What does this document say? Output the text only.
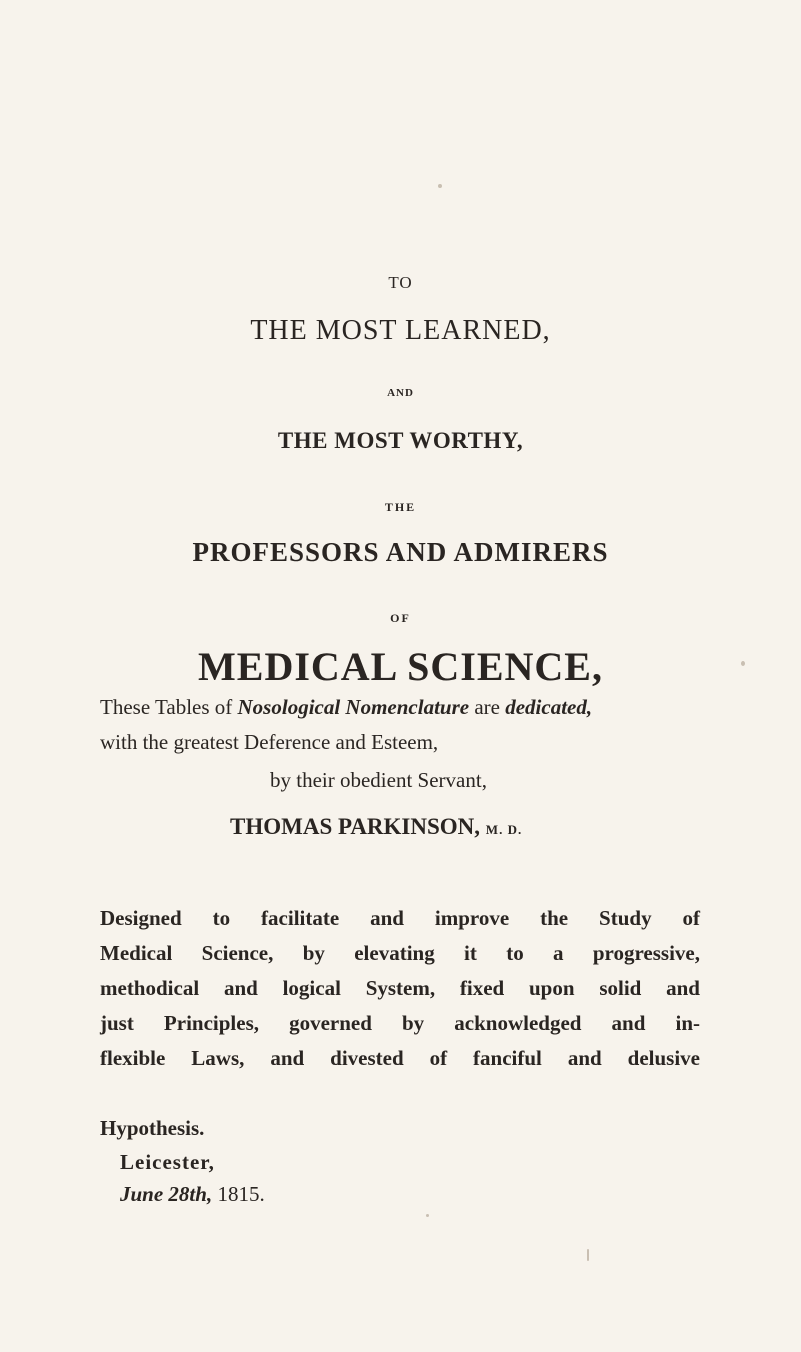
TO
THE MOST LEARNED,
AND
THE MOST WORTHY,
THE
PROFESSORS AND ADMIRERS
OF
MEDICAL SCIENCE,
These Tables of Nosological Nomenclature are dedicated,
with the greatest Deference and Esteem,
by their obedient Servant,
THOMAS PARKINSON, M. D.
Designed to facilitate and improve the Study of
Medical Science, by elevating it to a progressive,
methodical and logical System, fixed upon solid and
just Principles, governed by acknowledged and in-
flexible Laws, and divested of fanciful and delusive
Hypothesis.
Leicester,
June 28th, 1815.
